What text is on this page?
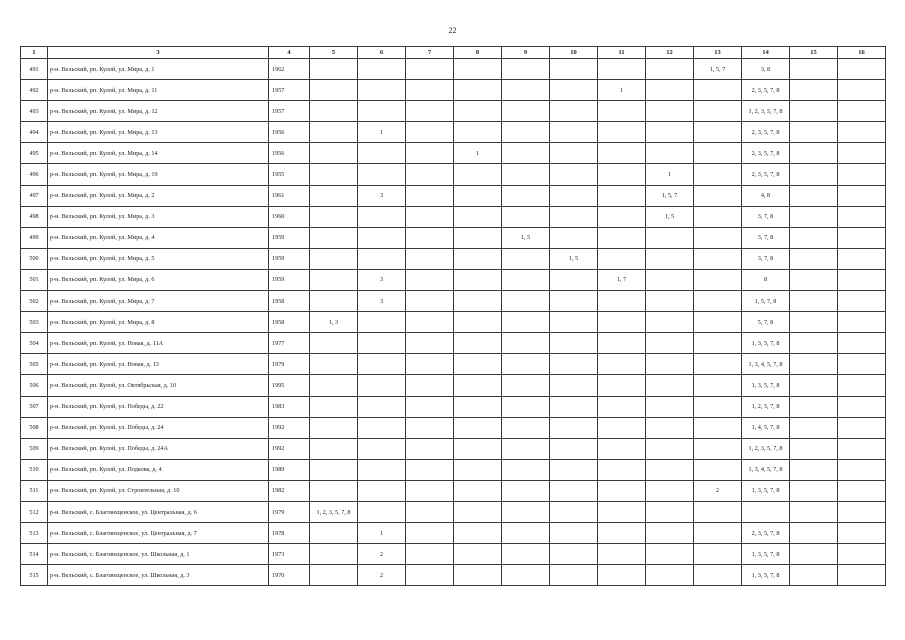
22
1	3	4	5	6	7	8	9	10	11	12	13	14	15	16
491	р-н. Вельский, рп. Кулой, ул. Мира, д. 1	1962									1, 5, 7	3, 8		
492	р-н. Вельский, рп. Кулой, ул. Мира, д. 11	1957							1			2, 3, 5, 7, 8		
493	р-н. Вельский, рп. Кулой, ул. Мира, д. 12	1957										1, 2, 3, 5, 7, 8		
494	р-н. Вельский, рп. Кулой, ул. Мира, д. 13	1956		1								2, 3, 5, 7, 8		
495	р-н. Вельский, рп. Кулой, ул. Мира, д. 14	1956				1						2, 3, 5, 7, 8		
496	р-н. Вельский, рп. Кулой, ул. Мира, д. 19	1955								1		2, 3, 5, 7, 8		
497	р-н. Вельский, рп. Кулой, ул. Мира, д. 2	1961		3						1, 5, 7		4, 8		
498	р-н. Вельский, рп. Кулой, ул. Мира, д. 3	1960								1, 5		3, 7, 8		
499	р-н. Вельский, рп. Кулой, ул. Мира, д. 4	1959					1, 5					3, 7, 8		
500	р-н. Вельский, рп. Кулой, ул. Мира, д. 5	1959						1, 5				3, 7, 8		
501	р-н. Вельский, рп. Кулой, ул. Мира, д. 6	1959		3					1, 7			8		
502	р-н. Вельский, рп. Кулой, ул. Мира, д. 7	1958		3								1, 5, 7, 8		
503	р-н. Вельский, рп. Кулой, ул. Мира, д. 8	1958	1, 3									5, 7, 8		
504	р-н. Вельский, рп. Кулой, ул. Новая, д. 11А	1977										1, 3, 5, 7, 8		
505	р-н. Вельский, рп. Кулой, ул. Новая, д. 13	1979										1, 3, 4, 5, 7, 8		
506	р-н. Вельский, рп. Кулой, ул. Октябрьская, д. 10	1995										1, 3, 5, 7, 8		
507	р-н. Вельский, рп. Кулой, ул. Победы, д. 22	1983										1, 2, 5, 7, 8		
508	р-н. Вельский, рп. Кулой, ул. Победы, д. 24	1992										1, 4, 5, 7, 8		
509	р-н. Вельский, рп. Кулой, ул. Победы, д. 24А	1992										1, 2, 3, 5, 7, 8		
510	р-н. Вельский, рп. Кулой, ул. Подкова, д. 4	1989										1, 3, 4, 5, 7, 8		
511	р-н. Вельский, рп. Кулой, ул. Строительная, д. 10	1982									2	1, 3, 5, 7, 8		
512	р-н. Вельский, с. Благовещенское, ул. Центральная, д. 6	1979	1, 2, 3, 5, 7, 8											
513	р-н. Вельский, с. Благовещенское, ул. Центральная, д. 7	1978		1								2, 3, 5, 7, 8		
514	р-н. Вельский, с. Благовещенское, ул. Школьная, д. 1	1973		2								1, 3, 5, 7, 8		
515	р-н. Вельский, с. Благовещенское, ул. Школьная, д. 3	1970		2								1, 3, 5, 7, 8		
